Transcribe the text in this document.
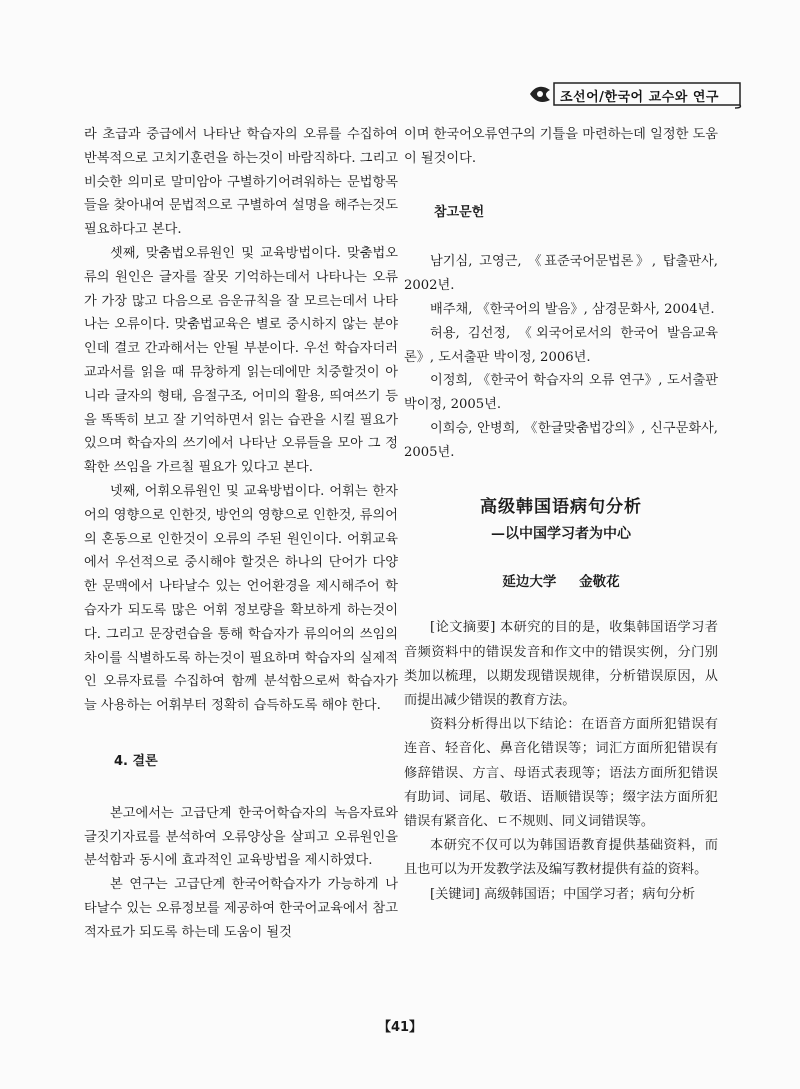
조선어/한국어 교수와 연구

라 초급과 중급에서 나타난 학습자의 오류를 수집하여 반복적으로 고치기훈련을 하는것이 바람직하다. 그리고 비슷한 의미로 말미암아 구별하기어려워하는 문법항목들을 찾아내여 문법적으로 구별하여 설명을 해주는것도 필요하다고 본다.

셋째, 맞춤법오류원인 및 교육방법이다. 맞춤법오류의 원인은 글자를 잘못 기억하는데서 나타나는 오류가 가장 많고 다음으로 음운규칙을 잘 모르는데서 나타나는 오류이다. 맞춤법교육은 별로 중시하지 않는 분야인데 결코 간과해서는 안될 부분이다. 우선 학습자더러 교과서를 읽을 때 뮤창하게 읽는데에만 치중할것이 아니라 글자의 형태, 음절구조, 어미의 활용, 띄여쓰기 등을 똑똑히 보고 잘 기억하면서 읽는 습관을 시킬 필요가 있으며 학습자의 쓰기에서 나타난 오류들을 모아 그 정확한 쓰임을 가르칠 필요가 있다고 본다.

넷째, 어휘오류원인 및 교육방법이다. 어휘는 한자어의 영향으로 인한것, 방언의 영향으로 인한것, 류의어의 혼동으로 인한것이 오류의 주된 원인이다. 어휘교육에서 우선적으로 중시해야 할것은 하나의 단어가 다양한 문맥에서 나타날수 있는 언어환경을 제시해주어 학습자가 되도록 많은 어휘 정보량을 확보하게 하는것이다. 그리고 문장련습을 통해 학습자가 류의어의 쓰임의 차이를 식별하도록 하는것이 필요하며 학습자의 실제적인 오류자료를 수집하여 함께 분석함으로써 학습자가 늘 사용하는 어휘부터 정확히 습득하도록 해야 한다.

4. 결론

본고에서는 고급단계 한국어학습자의 녹음자료와 글짓기자료를 분석하여 오류양상을 살피고 오류원인을 분석함과 동시에 효과적인 교육방법을 제시하였다.

본 연구는 고급단계 한국어학습자가 가능하게 나타날수 있는 오류정보를 제공하여 한국어교육에서 참고적자료가 되도록 하는데 도움이 될것

이며 한국어오류연구의 기틀을 마련하는데 일정한 도움이 될것이다.

참고문헌

남기심, 고영근, 《표준국어문법론》, 탑출판사, 2002년.

배주채, 《한국어의 발음》, 삼경문화사, 2004년.

허용, 김선정, 《외국어로서의 한국어 발음교육론》, 도서출판 박이정, 2006년.

이정희, 《한국어 학습자의 오류 연구》, 도서출판 박이정, 2005년.

이희승, 안병희, 《한글맞춤법강의》, 신구문화사, 2005년.

高级韩国语病句分析

—以中国学习者为中心

延边大学 金敬花

[论文摘要] 本研究的目的是，收集韩国语学习者音频资料中的错误发音和作文中的错误实例，分门别类加以梳理，以期发现错误规律，分析错误原因，从而提出减少错误的教育方法。

资料分析得出以下结论：在语音方面所犯错误有连音、轻音化、鼻音化错误等；词汇方面所犯错误有修辞错误、方言、母语式表现等；语法方面所犯错误有助词、词尾、敬语、语顺错误等；缀字法方面所犯错误有紧音化、ㄷ不规则、同义词错误等。

本研究不仅可以为韩国语教育提供基础资料，而且也可以为开发教学法及编写教材提供有益的资料。

[关键词] 高级韩国语；中国学习者；病句分析

【41】
